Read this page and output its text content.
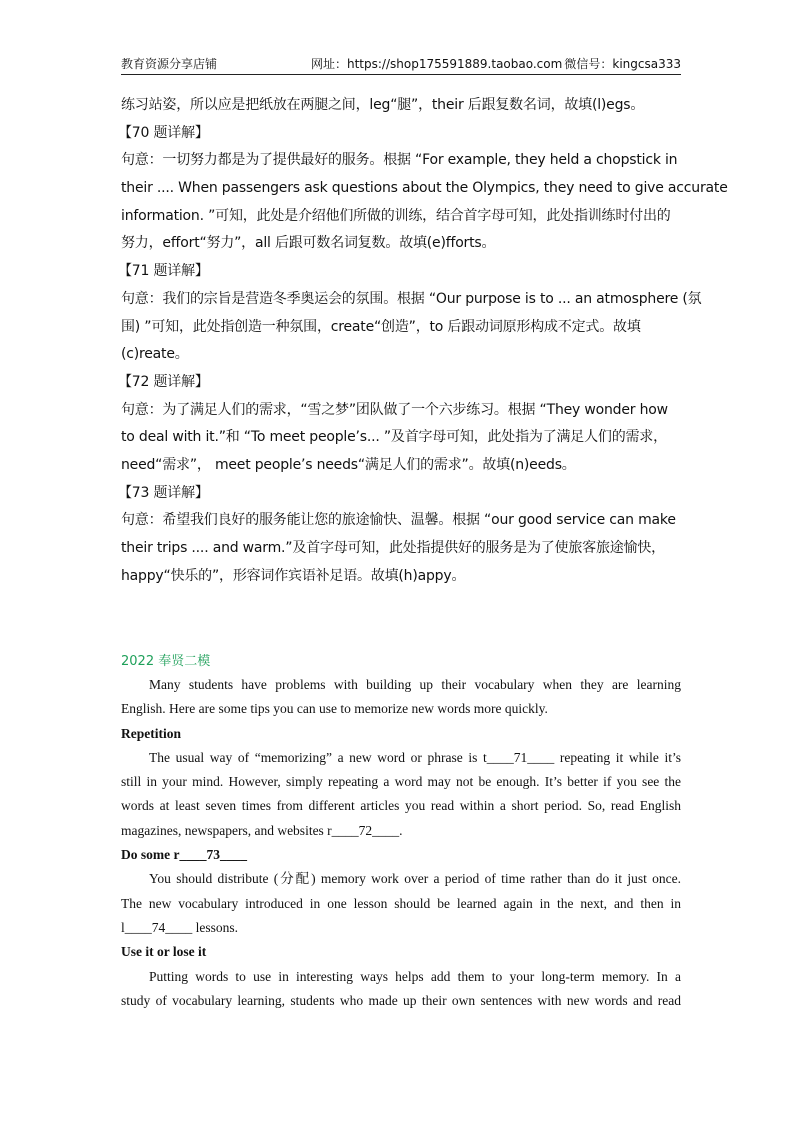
教育资源分享店铺	网址：https://shop175591889.taobao.com 微信号：kingcsa333
练习站姿，所以应是把纸放在两腿之间，leg“腿”，their 后跟复数名词，故填(l)egs。
【70 题详解】
句意：一切努力都是为了提供最好的服务。根据 “For example, they held a chopstick in
their .... When passengers ask questions about the Olympics, they need to give accurate
information. ”可知，此处是介绍他们所做的训练，结合首字母可知，此处指训练时付出的
努力，effort“努力”，all 后跟可数名词复数。故填(e)fforts。
【71 题详解】
句意：我们的宗旨是营造冬季奥运会的氛围。根据 “Our purpose is to ... an atmosphere (氛
围) ”可知，此处指创造一种氛围，create“创造”，to 后跟动词原形构成不定式。故填
(c)reate。
【72 题详解】
句意：为了满足人们的需求，“雪之梦”团队做了一个六步练习。根据 “They wonder how
to deal with it.”和 “To meet people’s... ”及首字母可知，此处指为了满足人们的需求，
need“需求”， meet people’s needs“满足人们的需求”。故填(n)eeds。
【73 题详解】
句意：希望我们良好的服务能让您的旅途愉快、温馨。根据 “our good service can make
their trips .... and warm.”及首字母可知，此处指提供好的服务是为了使旅客旅途愉快，
happy“快乐的”，形容词作宾语补足语。故填(h)appy。
2022 奉贤二模
Many students have problems with building up their vocabulary when they are learning
English. Here are some tips you can use to memorize new words more quickly.
Repetition
The usual way of “memorizing” a new word or phrase is t____71____ repeating it while it’s
still in your mind. However, simply repeating a word may not be enough. It’s better if you see the
words at least seven times from different articles you read within a short period. So, read English
magazines, newspapers, and websites r____72____.
Do some r____73____
You should distribute (分配) memory work over a period of time rather than do it just once.
The new vocabulary introduced in one lesson should be learned again in the next, and then in
l____74____ lessons.
Use it or lose it
Putting words to use in interesting ways helps add them to your long-term memory. In a
study of vocabulary learning, students who made up their own sentences with new words and read
